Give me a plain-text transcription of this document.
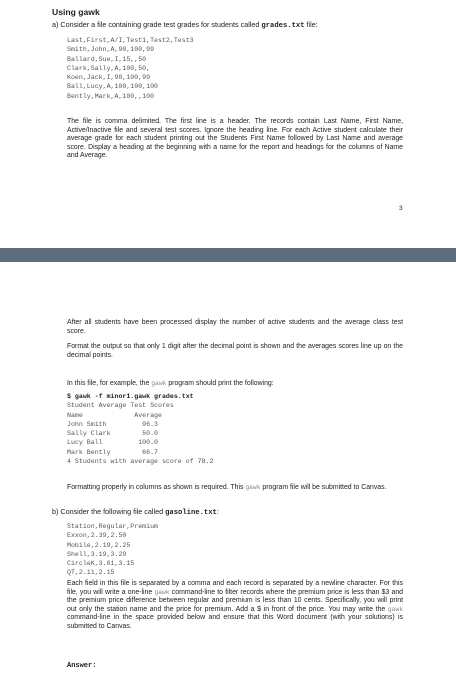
Using gawk
a) Consider a file containing grade test grades for students called grades.txt file:
Last,First,A/I,Test1,Test2,Test3
Smith,John,A,90,100,99
Ballard,Sue,I,15,,50
Clark,Sally,A,100,50,
Koen,Jack,I,90,100,99
Ball,Lucy,A,100,100,100
Bently,Mark,A,100,,100

The file is comma delimited. The first line is a header. The records contain Last Name, First Name, Active/Inactive file and several test scores. Ignore the heading line. For each Active student calculate their average grade for each student printing out the Students First Name followed by Last Name and average score. Display a heading at the beginning with a name for the report and headings for the columns of Name and Average.

3

After all students have been processed display the number of active students and the average class test score.

Format the output so that only 1 digit after the decimal point is shown and the averages scores line up on the decimal points.

In this file, for example, the gawk program should print the following:

$ gawk -f minor1.gawk grades.txt
Student Average Test Scores
Name             Average
John Smith         96.3
Sally Clark        50.0
Lucy Ball         100.0
Mark Bently        66.7
4 Students with average score of 78.2

Formatting properly in columns as shown is required. This gawk program file will be submitted to Canvas.

b) Consider the following file called gasoline.txt:
Station,Regular,Premium
Exxon,2.39,2.50
Mobile,2.19,2.25
Shell,3.19,3.29
CircleK,3.01,3.15
QT,2.11,2.15

Each field in this file is separated by a comma and each record is separated by a newline character. For this file, you will write a one-line gawk command-line to filter records where the premium price is less than $3 and the premium price difference between regular and premium is less than 10 cents. Specifically, you will print out only the station name and the price for premium. Add a $ in front of the price. You may write the gawk command-line in the space provided below and ensure that this Word document (with your solutions) is submitted to Canvas.

Answer:
